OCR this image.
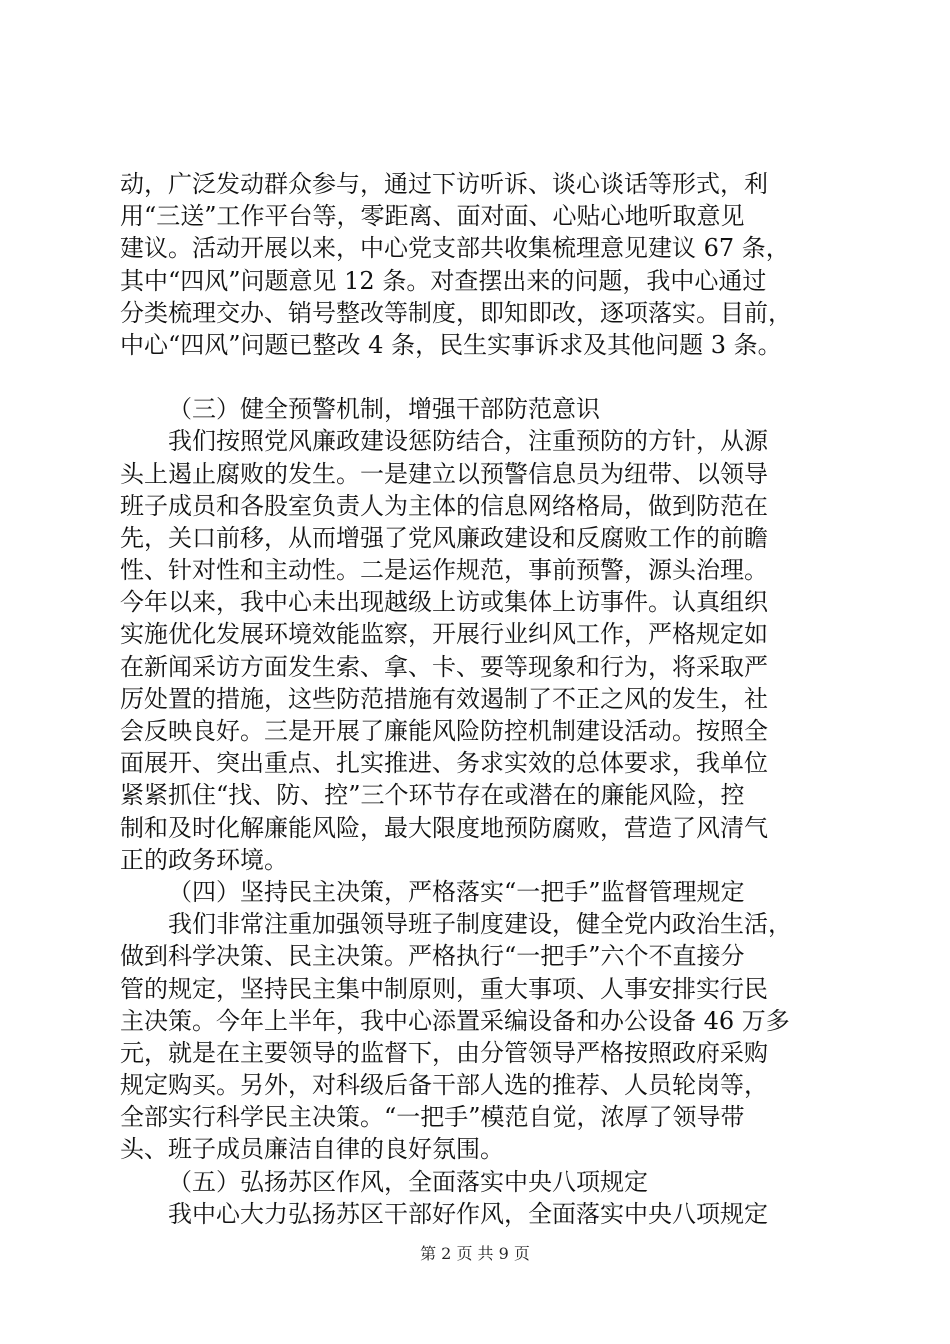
动，广泛发动群众参与，通过下访听诉、谈心谈话等形式，利
用“三送”工作平台等，零距离、面对面、心贴心地听取意见
建议。活动开展以来，中心党支部共收集梳理意见建议 67 条，
其中“四风”问题意见 12 条。对查摆出来的问题，我中心通过
分类梳理交办、销号整改等制度，即知即改，逐项落实。目前，
中心“四风”问题已整改 4 条，民生实事诉求及其他问题 3 条。
（三）健全预警机制，增强干部防范意识
我们按照党风廉政建设惩防结合，注重预防的方针，从源
头上遏止腐败的发生。一是建立以预警信息员为纽带、以领导
班子成员和各股室负责人为主体的信息网络格局，做到防范在
先，关口前移，从而增强了党风廉政建设和反腐败工作的前瞻
性、针对性和主动性。二是运作规范，事前预警，源头治理。
今年以来，我中心未出现越级上访或集体上访事件。认真组织
实施优化发展环境效能监察，开展行业纠风工作，严格规定如
在新闻采访方面发生索、拿、卡、要等现象和行为，将采取严
厉处置的措施，这些防范措施有效遏制了不正之风的发生，社
会反映良好。三是开展了廉能风险防控机制建设活动。按照全
面展开、突出重点、扎实推进、务求实效的总体要求，我单位
紧紧抓住“找、防、控”三个环节存在或潜在的廉能风险，控
制和及时化解廉能风险，最大限度地预防腐败，营造了风清气
正的政务环境。
（四）坚持民主决策，严格落实“一把手”监督管理规定
我们非常注重加强领导班子制度建设，健全党内政治生活，
做到科学决策、民主决策。严格执行“一把手”六个不直接分
管的规定，坚持民主集中制原则，重大事项、人事安排实行民
主决策。今年上半年，我中心添置采编设备和办公设备 46 万多
元，就是在主要领导的监督下，由分管领导严格按照政府采购
规定购买。另外，对科级后备干部人选的推荐、人员轮岗等，
全部实行科学民主决策。“一把手”模范自觉，浓厚了领导带
头、班子成员廉洁自律的良好氛围。
（五）弘扬苏区作风，全面落实中央八项规定
我中心大力弘扬苏区干部好作风，全面落实中央八项规定
第 2 页 共 9 页
